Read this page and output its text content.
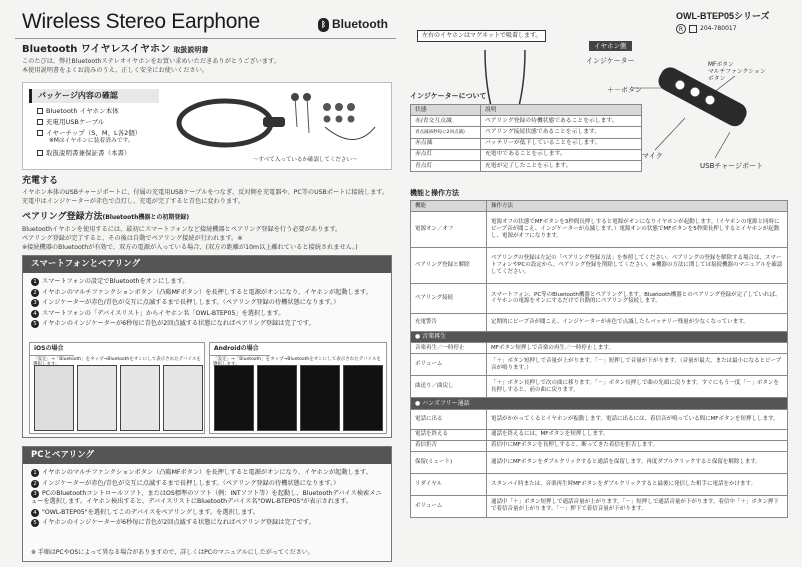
Wireless Stereo Earphone	ᛒ Bluetooth
OWL-BTEP05シリーズ
R	204-780017
Bluetooth ワイヤレスイヤホン 取扱説明書
このたびは、弊社Bluetoothステレオイヤホンをお買い求めいただきありがとうございます。
本使用説明書をよくお読みのうえ、正しく安全にお使いください。
パッケージ内容の確認
Bluetooth イヤホン本体
充電用USBケーブル
イヤーチップ（S、M、L各2個）
※Mはイヤホンに装着済みです。
取扱説明書兼保証書（本書）
～すべて入っているか確認してください～
充電する
イヤホン本体のUSBチャージポートに、付属の充電用USBケーブルをつなぎ、反対側を充電器や、PC等のUSBポートに接続します。
充電中はインジケーターが赤色で点灯し、充電が完了すると青色に変わります。
ペアリング登録方法(Bluetooth機器との初期登録)
Bluetoothイヤホンを使用するには、最初にスマートフォンなど接続機器とペアリング登録を行う必要があります。
ペアリング登録が完了すると、その後は自動でペアリング接続が行われます。※
※接続機器のBluetoothが有効で、双方の電源が入っている場合、(双方の距離が10m以上離れていると接続されません。)
スマートフォンとペアリング
1 スマートフォンの設定でBluetoothをオンにします。
2 イヤホンのマルチファンクションボタン（凸陥MFボタン）を長押しすると電源がオンになり、イヤホンが起動します。
3 インジケーターが赤色/青色が交互に点滅するまで長押しします。（ペアリング登録の待機状態になります。）
4 スマートフォンの「デバイスリスト」からイヤホン名「OWL-BTEP05」を選択します。
5 イヤホンのインジケーターが6秒毎に青色が2回点滅する状態になればペアリング登録は完了です。
iOSの場合
「設定」→「Bluetooth」をタップ→Bluetoothをオンにして表示されたデバイスを
Androidの場合
「設定」→「Bluetooth」をタップ→Bluetoothをオンにして表示されたデバイスを
PCとペアリング
1 イヤホンのマルチファンクションボタン（凸陥MFボタン）を長押しすると電源がオンになり、イヤホンが起動します。
2 インジケーターが赤色/青色が交互に点滅するまで長押しします。（ペアリング登録の待機状態になります。）
3 PCのBluetoothコントロールソフト、またはOS標準のソフト（例：INTソフト等）を起動し、Bluetoothデバイス検索メニューを選択します。イヤホン検出すると、デバイスリストにBluetoothデバイス名"OWL-BTEP05"が表示されます。
4 "OWL-BTEP05"を選択してこのデバイスをペアリングします。を選択します。
5 イヤホンのインジケーターが6秒毎に青色が2回点滅する状態になればペアリング登録は完了です。
※ 手順はPCやOSによって異なる場合がありますので、詳しくはPCのマニュアルにしたがってください。
左右のイヤホンはマグネットで吸着します。
イヤホン側
インジケーター
＋－ボタン
MFボタン
マルチファンクション
ボタン
マイク
USBチャージポート
インジケーターについて
状態	説明
赤/青交互点滅	ペアリング登録の待機状態であることを示します。
青点滅(6秒毎に2回点滅)	ペアリング接続状態であることを示します。
赤点滅	バッテリーが低下していることを示します。
赤点灯	充電中であることを示します。
青点灯	充電が完了したことを示します。
機能と操作方法
機能	操作方法
電源オン／オフ	電源オフの状態でMFボタンを3秒間長押しすると電源がオンになりイヤホンが起動します。（イヤホンの電源と同時にビープ音が聞こえ、インジケーターが点滅します。）電源オンの状態でMFボタンを5秒間長押しするとイヤホンが起動し、電源がオフになります。
ペアリング登録と解除	ペアリングの登録は左記の「ペアリング登録方法」を参照してください。ペアリングの登録を解除する場合は、スマートフォンやPCの設定から、ペアリング登録を削除してください。※機器の方法に関しては接続機器のマニュアルを確認してください。
ペアリング接続	スマートフォン、PC等のBluetooth機器とペアリングします。Bluetooth機器とのペアリング登録が完了していれば、イヤホンの電源をオンにするだけで自動的にペアリング接続します。
充電警告	定期的にビープ音が聞こえ、インジケーターが赤色で点滅したらバッテリー残量が少なくなっています。
● 音楽再生	
音楽再生／一時停止	MFボタン短押しで音楽の再生／一時停止します。
ボリューム	「＋」ボタン短押しで音量が上がります。「－」短押しで音量が下がります。（音量が最大、または最小になるとビープ音が鳴ります。）
曲送り／曲戻し	「＋」ボタン長押しで次の曲に移ります。「－」ボタン長押しで曲の先頭に戻ります。すぐにもう一度「－」ボタンを長押しすると、前の曲に戻ります。
● ハンズフリー通話	
電話に出る	電話がかかってくるとイヤホンが振動します。電話に出るには、着信音が鳴っている間にMFボタンを短押しします。
電話を終える	通話を終えるには、MFボタンを短押しします。
着信拒否	着信中にMFボタンを長押しすると、断ってきた着信を拒否します。
保留(ミュート)	通話中にMFボタンをダブルクリックすると通話を保留します。再度ダブルクリックすると保留を解除します。
リダイヤル	スタンバイ時または、音楽再生時MFボタンをダブルクリックすると最後に発信した相手に電話をかけます。
ボリューム	通話中「＋」ボタン短押しで通話音量が上がります。「－」短押しで通話音量が下がります。着信中「＋」ボタン押下で着信音量が上がります。「－」押下で着信音量が下がります。
